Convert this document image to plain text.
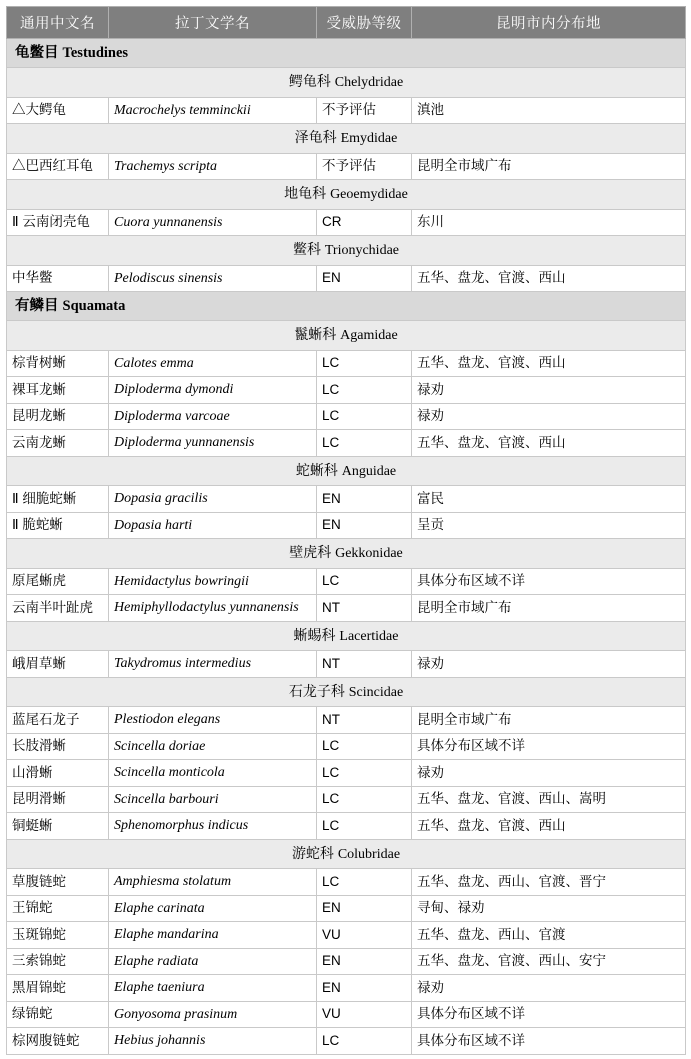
通用中文名	拉丁文学名	受威胁等级	昆明市内分布地
龟鳖目 Testudines			
鳄龟科 Chelydridae			
△大鳄龟	Macrochelys temminckii	不予评估	滇池
泽龟科 Emydidae			
△巴西红耳龟	Trachemys scripta	不予评估	昆明全市域广布
地龟科 Geoemydidae			
Ⅱ 云南闭壳龟	Cuora yunnanensis	CR	东川
鳖科 Trionychidae			
中华鳖	Pelodiscus sinensis	EN	五华、盘龙、官渡、西山
有鳞目 Squamata			
鬣蜥科 Agamidae			
棕背树蜥	Calotes emma	LC	五华、盘龙、官渡、西山
裸耳龙蜥	Diploderma dymondi	LC	禄劝
昆明龙蜥	Diploderma varcoae	LC	禄劝
云南龙蜥	Diploderma yunnanensis	LC	五华、盘龙、官渡、西山
蛇蜥科 Anguidae			
Ⅱ 细脆蛇蜥	Dopasia gracilis	EN	富民
Ⅱ 脆蛇蜥	Dopasia harti	EN	呈贡
壁虎科 Gekkonidae			
原尾蜥虎	Hemidactylus bowringii	LC	具体分布区域不详
云南半叶趾虎	Hemiphyllodactylus yunnanensis	NT	昆明全市域广布
蜥蜴科 Lacertidae			
峨眉草蜥	Takydromus intermedius	NT	禄劝
石龙子科 Scincidae			
蓝尾石龙子	Plestiodon elegans	NT	昆明全市域广布
长肢滑蜥	Scincella doriae	LC	具体分布区域不详
山滑蜥	Scincella monticola	LC	禄劝
昆明滑蜥	Scincella barbouri	LC	五华、盘龙、官渡、西山、嵩明
铜蜓蜥	Sphenomorphus indicus	LC	五华、盘龙、官渡、西山
游蛇科 Colubridae			
草腹链蛇	Amphiesma stolatum	LC	五华、盘龙、西山、官渡、晋宁
王锦蛇	Elaphe carinata	EN	寻甸、禄劝
玉斑锦蛇	Elaphe mandarina	VU	五华、盘龙、西山、官渡
三索锦蛇	Elaphe radiata	EN	五华、盘龙、官渡、西山、安宁
黑眉锦蛇	Elaphe taeniura	EN	禄劝
绿锦蛇	Gonyosoma prasinum	VU	具体分布区域不详
棕网腹链蛇	Hebius johannis	LC	具体分布区域不详
